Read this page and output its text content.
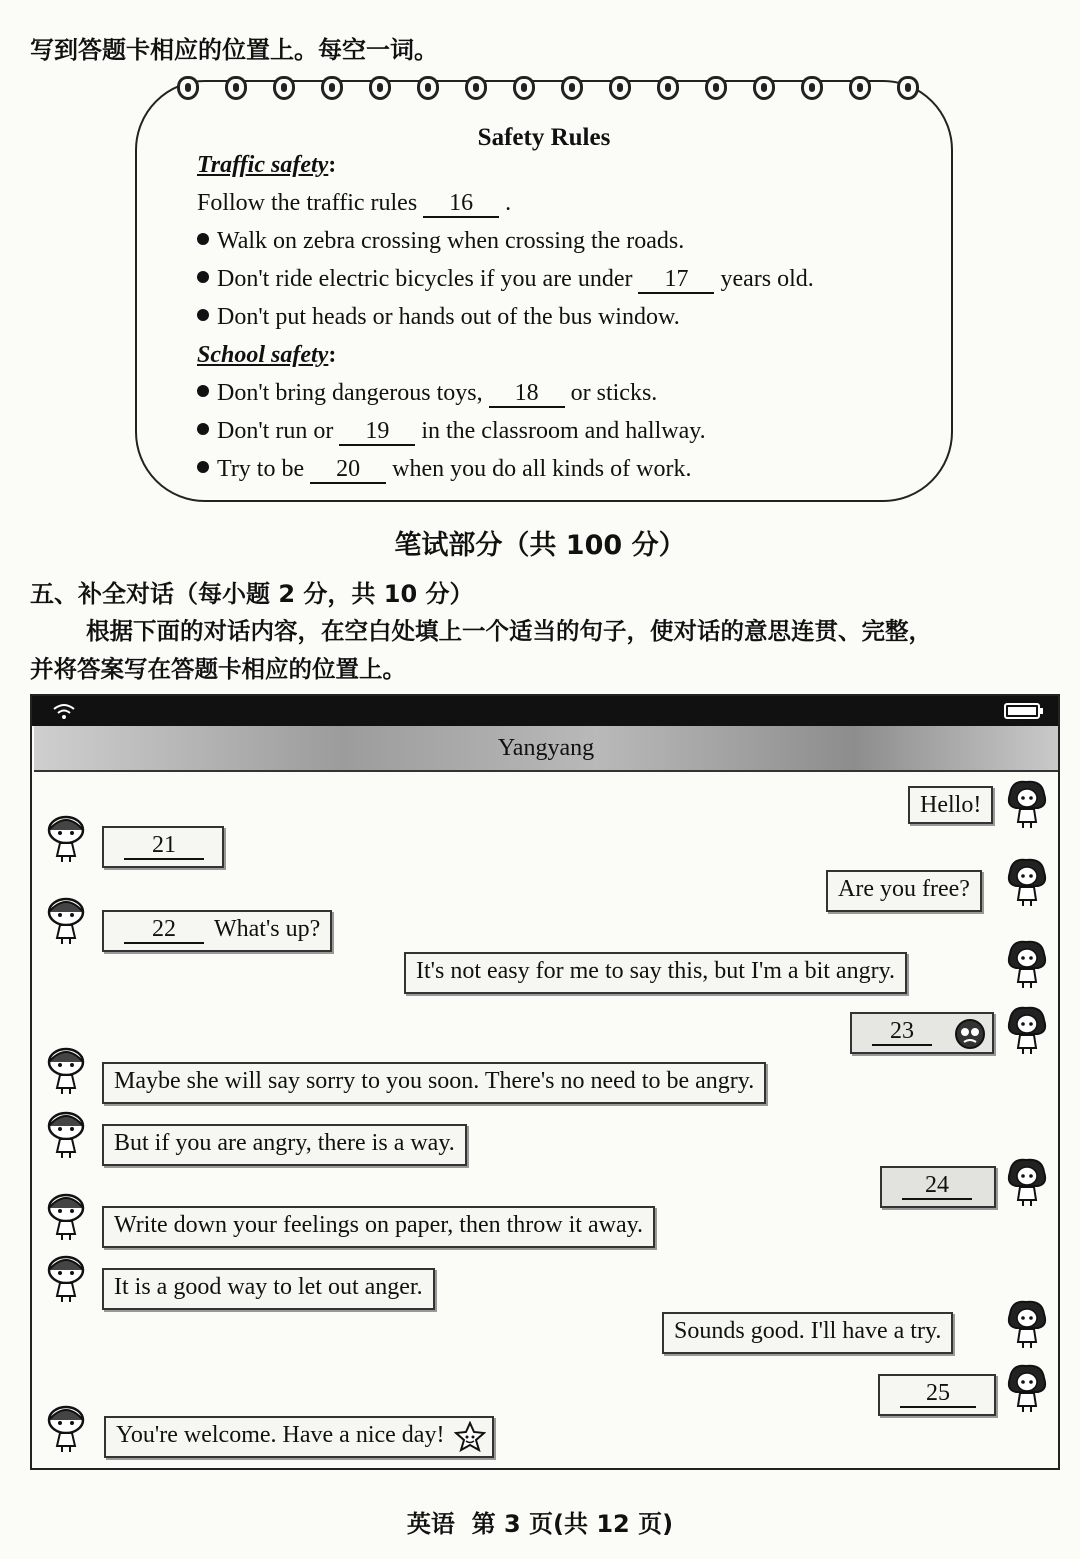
写到答题卡相应的位置上。每空一词。
Safety Rules
Traffic safety:
Follow the traffic rules 16 .
Walk on zebra crossing when crossing the roads.
Don't ride electric bicycles if you are under 17 years old.
Don't put heads or hands out of the bus window.
School safety:
Don't bring dangerous toys, 18 or sticks.
Don't run or 19 in the classroom and hallway.
Try to be 20 when you do all kinds of work.
笔试部分（共 100 分）
五、补全对话（每小题 2 分，共 10 分）
根据下面的对话内容，在空白处填上一个适当的句子，使对话的意思连贯、完整，
并将答案写在答题卡相应的位置上。
Yangyang
Hello!
21
Are you free?
22 What's up?
It's not easy for me to say this, but I'm a bit angry.
23
Maybe she will say sorry to you soon. There's no need to be angry.
But if you are angry, there is a way.
24
Write down your feelings on paper, then throw it away.
It is a good way to let out anger.
Sounds good. I'll have a try.
25
You're welcome. Have a nice day!
英语  第 3 页(共 12 页)
